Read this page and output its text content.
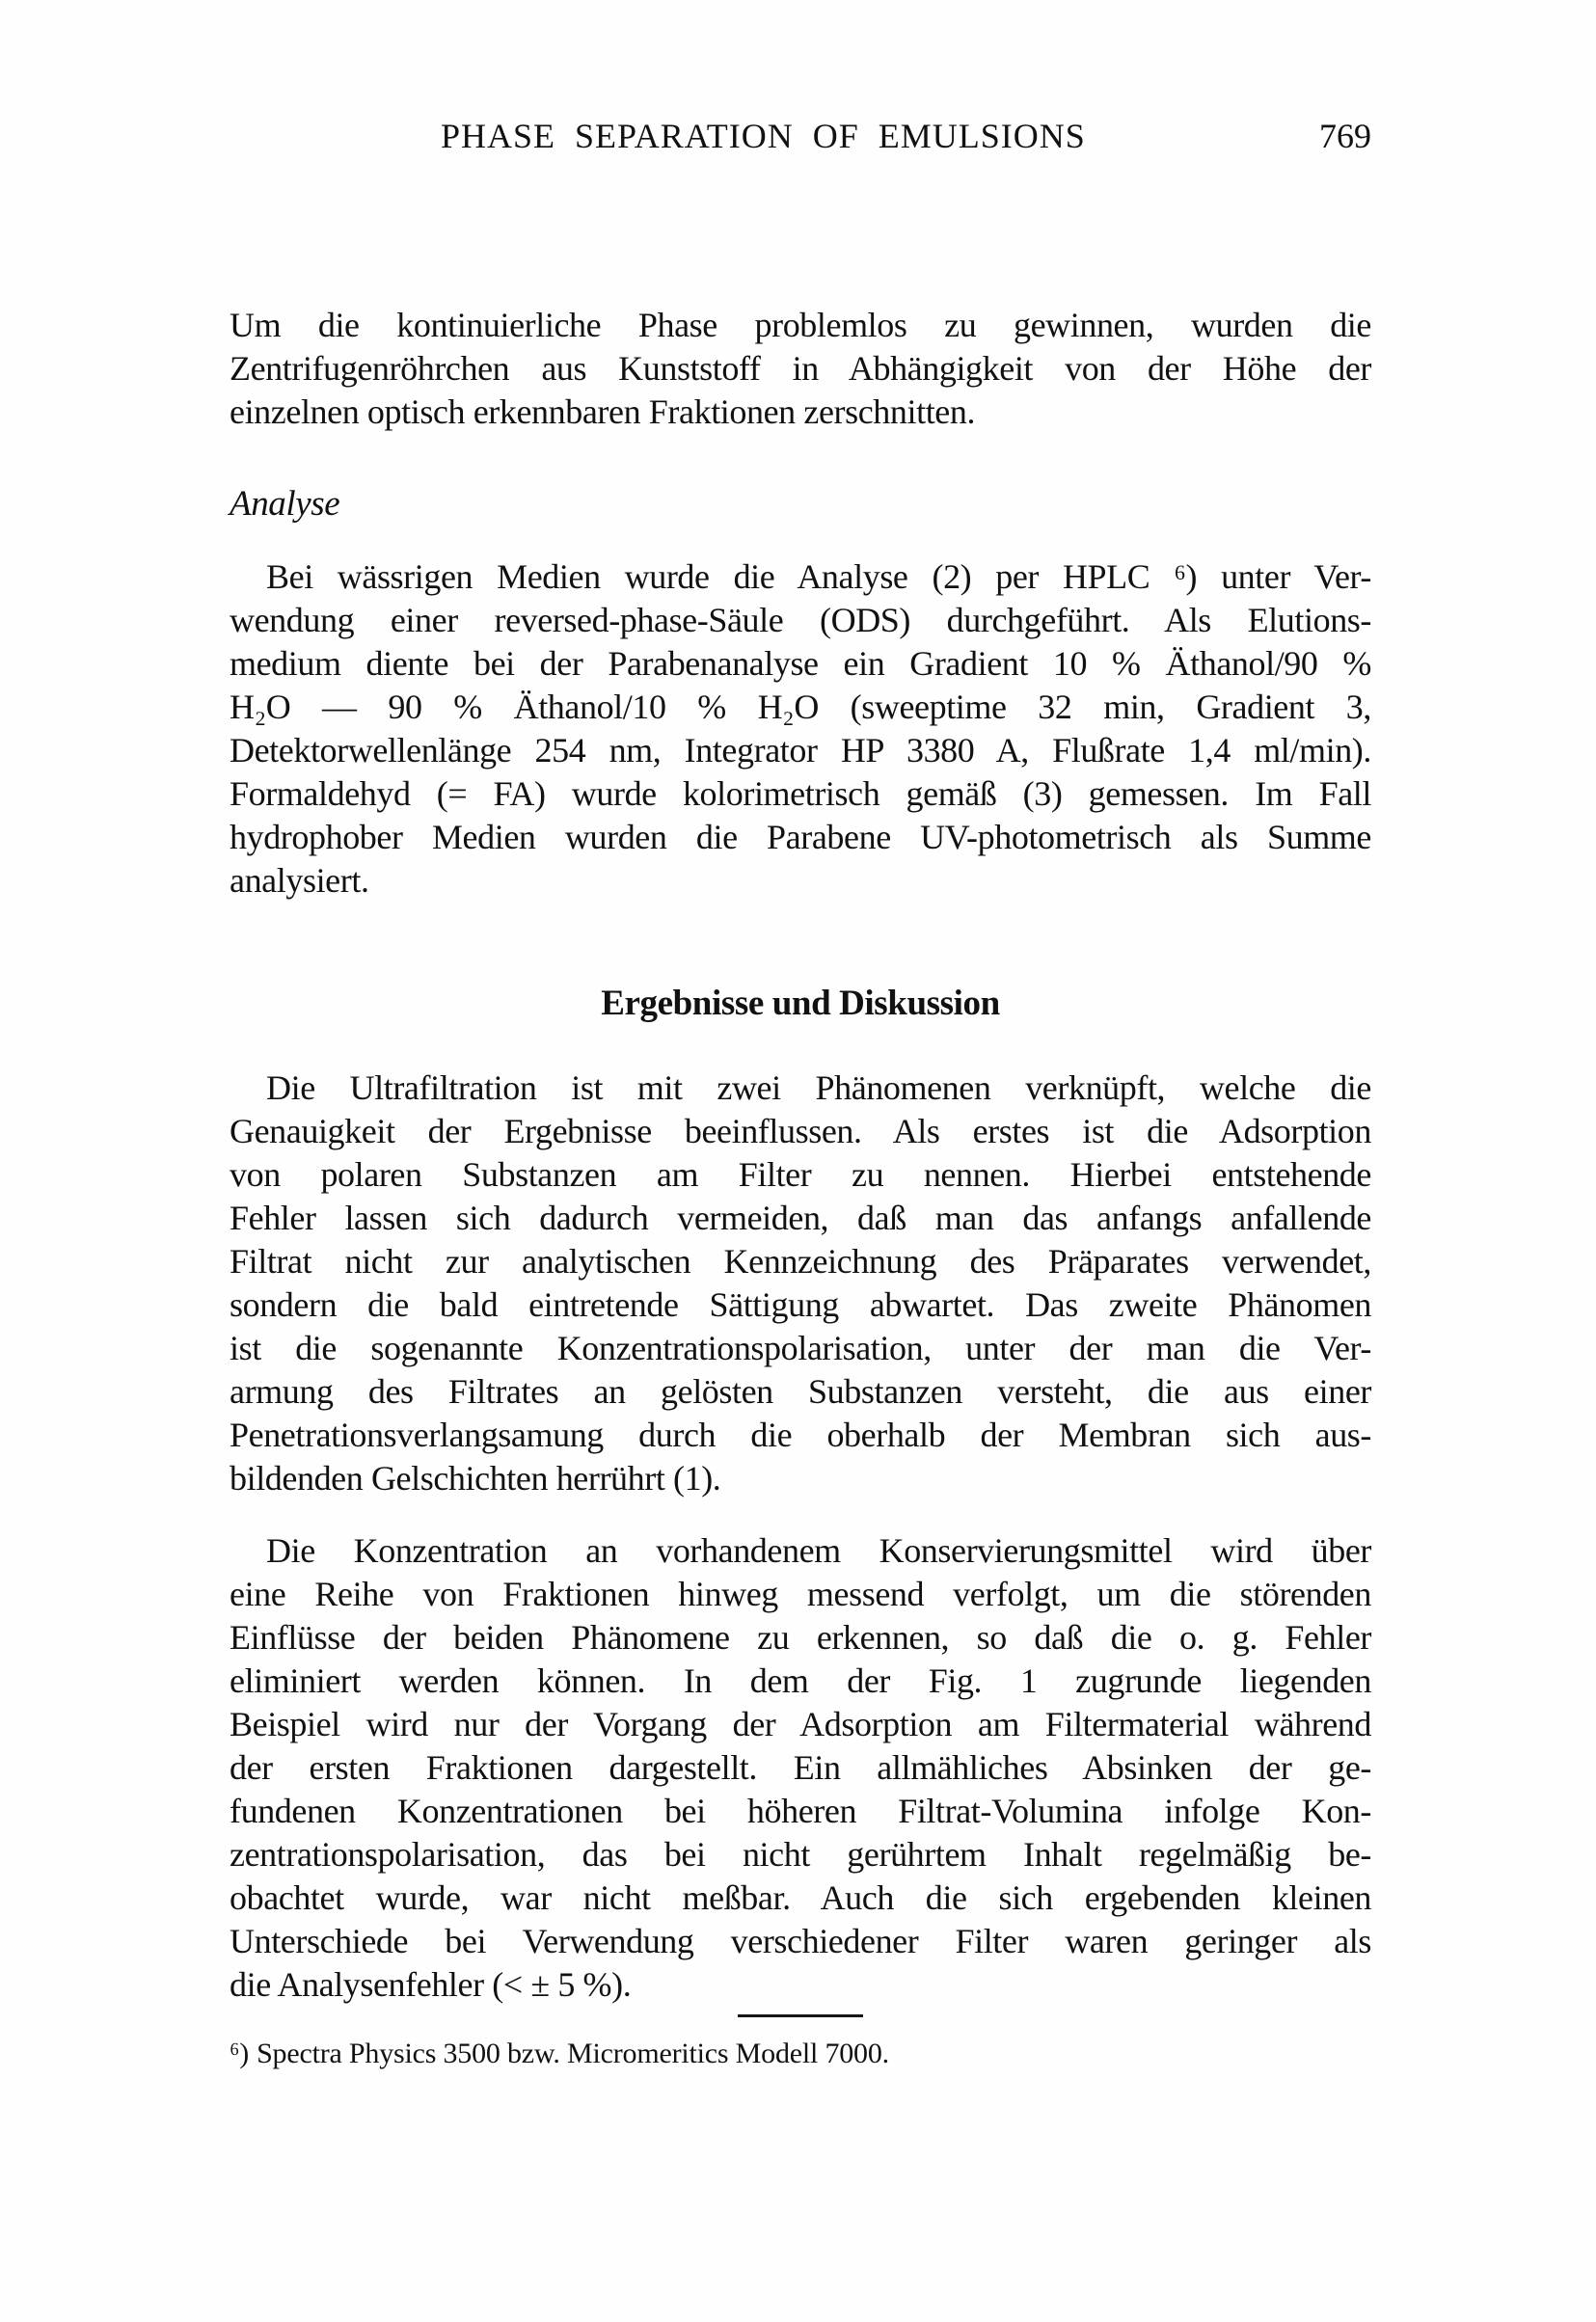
PHASE SEPARATION OF EMULSIONS	769
Um die kontinuierliche Phase problemlos zu gewinnen, wurden die
Zentrifugenröhrchen aus Kunststoff in Abhängigkeit von der Höhe der
einzelnen optisch erkennbaren Fraktionen zerschnitten.
Analyse
Bei wässrigen Medien wurde die Analyse (2) per HPLC ⁶) unter Ver-
wendung einer reversed-phase-Säule (ODS) durchgeführt. Als Elutions-
medium diente bei der Parabenanalyse ein Gradient 10 % Äthanol/90 %
H₂O — 90 % Äthanol/10 % H₂O (sweeptime 32 min, Gradient 3,
Detektorwellenlänge 254 nm, Integrator HP 3380 A, Flußrate 1,4 ml/min).
Formaldehyd (= FA) wurde kolorimetrisch gemäß (3) gemessen. Im Fall
hydrophober Medien wurden die Parabene UV-photometrisch als Summe
analysiert.
Ergebnisse und Diskussion
Die Ultrafiltration ist mit zwei Phänomenen verknüpft, welche die
Genauigkeit der Ergebnisse beeinflussen. Als erstes ist die Adsorption
von polaren Substanzen am Filter zu nennen. Hierbei entstehende
Fehler lassen sich dadurch vermeiden, daß man das anfangs anfallende
Filtrat nicht zur analytischen Kennzeichnung des Präparates verwendet,
sondern die bald eintretende Sättigung abwartet. Das zweite Phänomen
ist die sogenannte Konzentrationspolarisation, unter der man die Ver-
armung des Filtrates an gelösten Substanzen versteht, die aus einer
Penetrationsverlangsamung durch die oberhalb der Membran sich aus-
bildenden Gelschichten herrührt (1).
Die Konzentration an vorhandenem Konservierungsmittel wird über
eine Reihe von Fraktionen hinweg messend verfolgt, um die störenden
Einflüsse der beiden Phänomene zu erkennen, so daß die o. g. Fehler
eliminiert werden können. In dem der Fig. 1 zugrunde liegenden
Beispiel wird nur der Vorgang der Adsorption am Filtermaterial während
der ersten Fraktionen dargestellt. Ein allmähliches Absinken der ge-
fundenen Konzentrationen bei höheren Filtrat-Volumina infolge Kon-
zentrationspolarisation, das bei nicht gerührtem Inhalt regelmäßig be-
obachtet wurde, war nicht meßbar. Auch die sich ergebenden kleinen
Unterschiede bei Verwendung verschiedener Filter waren geringer als
die Analysenfehler (< ± 5 %).
⁶) Spectra Physics 3500 bzw. Micromeritics Modell 7000.
